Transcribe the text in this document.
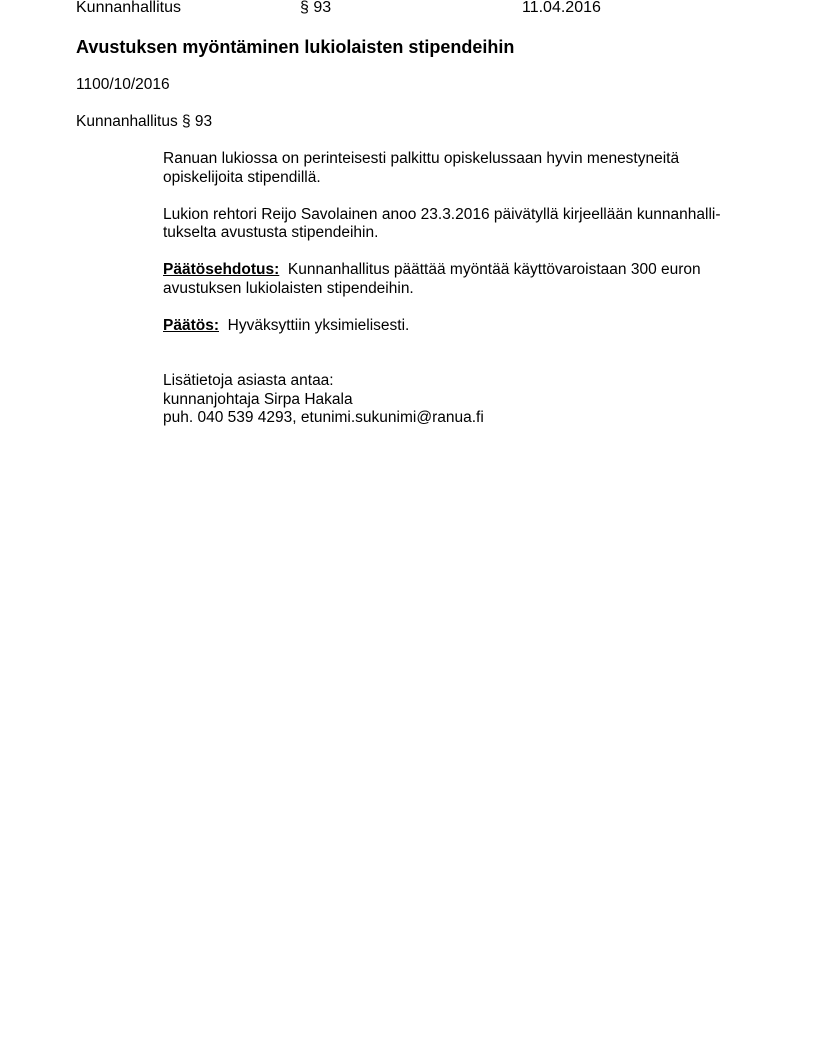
Kunnanhallitus	§ 93	11.04.2016
Avustuksen myöntäminen lukiolaisten stipendeihin
1100/10/2016
Kunnanhallitus § 93

Ranuan lukiossa on perinteisesti palkittu opiskelussaan hyvin menestyneitä
opiskelijoita stipendillä.

Lukion rehtori Reijo Savolainen anoo 23.3.2016 päivätyllä kirjeellään kunnanhalli-
tukselta avustusta stipendeihin.

Päätösehdotus: Kunnanhallitus päättää myöntää käyttövaroistaan 300 euron
avustuksen lukiolaisten stipendeihin.

Päätös: Hyväksyttiin yksimielisesti.

Lisätietoja asiasta antaa:
kunnanjohtaja Sirpa Hakala
puh. 040 539 4293, etunimi.sukunimi@ranua.fi
